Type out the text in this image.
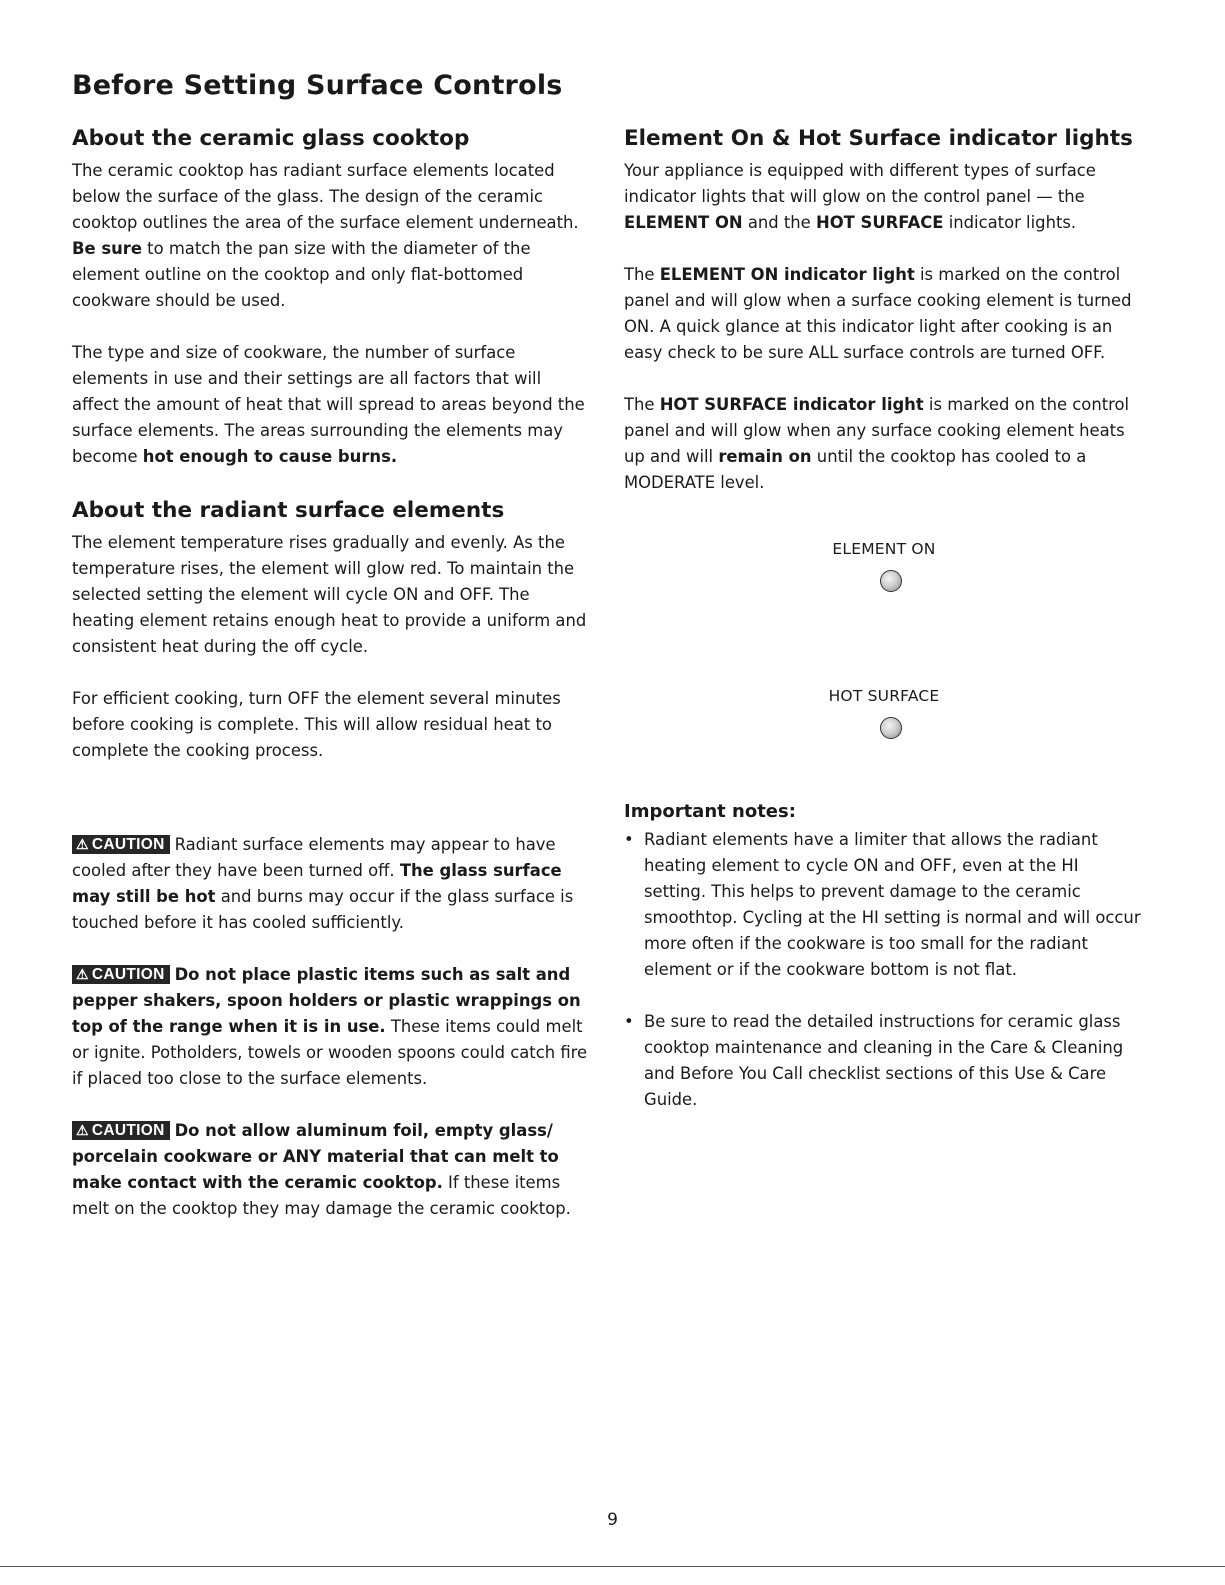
Before Setting Surface Controls
About the ceramic glass cooktop

The ceramic cooktop has radiant surface elements located below the surface of the glass. The design of the ceramic cooktop outlines the area of the surface element underneath. Be sure to match the pan size with the diameter of the element outline on the cooktop and only flat-bottomed cookware should be used.

The type and size of cookware, the number of surface elements in use and their settings are all factors that will affect the amount of heat that will spread to areas beyond the surface elements. The areas surrounding the elements may become hot enough to cause burns.

About the radiant surface elements

The element temperature rises gradually and evenly. As the temperature rises, the element will glow red. To maintain the selected setting the element will cycle ON and OFF. The heating element retains enough heat to provide a uniform and consistent heat during the off cycle.

For efficient cooking, turn OFF the element several minutes before cooking is complete. This will allow residual heat to complete the cooking process.

⚠ CAUTION Radiant surface elements may appear to have cooled after they have been turned off. The glass surface may still be hot and burns may occur if the glass surface is touched before it has cooled sufficiently.

⚠ CAUTION Do not place plastic items such as salt and pepper shakers, spoon holders or plastic wrappings on top of the range when it is in use. These items could melt or ignite. Potholders, towels or wooden spoons could catch fire if placed too close to the surface elements.

⚠ CAUTION Do not allow aluminum foil, empty glass/ porcelain cookware or ANY material that can melt to make contact with the ceramic cooktop. If these items melt on the cooktop they may damage the ceramic cooktop.

Element On & Hot Surface indicator lights

Your appliance is equipped with different types of surface indicator lights that will glow on the control panel — the ELEMENT ON and the HOT SURFACE indicator lights.

The ELEMENT ON indicator light is marked on the control panel and will glow when a surface cooking element is turned ON. A quick glance at this indicator light after cooking is an easy check to be sure ALL surface controls are turned OFF.

The HOT SURFACE indicator light is marked on the control panel and will glow when any surface cooking element heats up and will remain on until the cooktop has cooled to a MODERATE level.

ELEMENT ON
HOT SURFACE
Important notes:
• Radiant elements have a limiter that allows the radiant heating element to cycle ON and OFF, even at the HI setting. This helps to prevent damage to the ceramic smoothtop. Cycling at the HI setting is normal and will occur more often if the cookware is too small for the radiant element or if the cookware bottom is not flat.
• Be sure to read the detailed instructions for ceramic glass cooktop maintenance and cleaning in the Care & Cleaning and Before You Call checklist sections of this Use & Care Guide.
9
